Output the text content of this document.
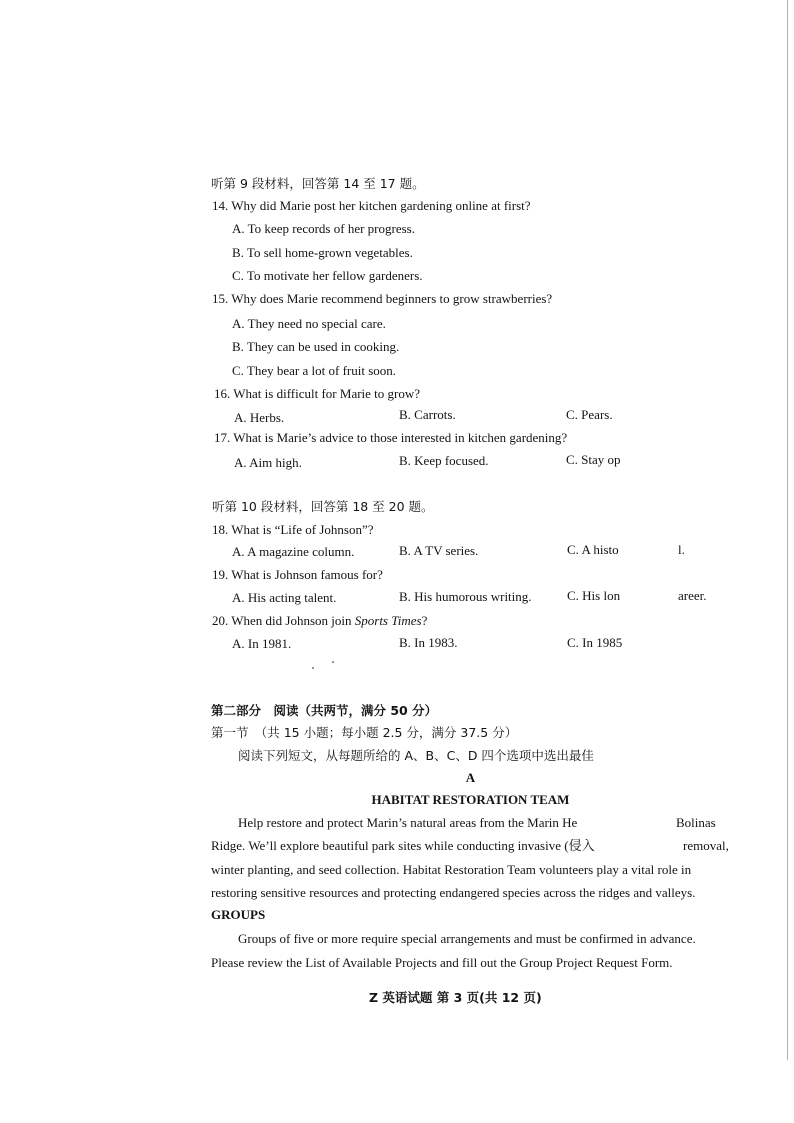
听第 9 段材料，回答第 14 至 17 题。
14. Why did Marie post her kitchen gardening online at first?
A. To keep records of her progress.
B. To sell home-grown vegetables.
C. To motivate her fellow gardeners.
15. Why does Marie recommend beginners to grow strawberries?
A. They need no special care.
B. They can be used in cooking.
C. They bear a lot of fruit soon.
16. What is difficult for Marie to grow?
A. Herbs.	B. Carrots.	C. Pears.
17. What is Marie’s advice to those interested in kitchen gardening?
A. Aim high.	B. Keep focused.	C. Stay op
听第 10 段材料，回答第 18 至 20 题。
18. What is “Life of Johnson”?
A. A magazine column.	B. A TV series.	C. A histo	l.
19. What is Johnson famous for?
A. His acting talent.	B. His humorous writing.	C. His lon	areer.
20. When did Johnson join Sports Times?
A. In 1981.	B. In 1983.	C. In 1985
第二部分　阅读（共两节，满分 50 分）
第一节　（共 15 小题；每小题 2.5 分，满分 37.5 分）
阅读下列短文，从每题所给的 A、B、C、D 四个选项中选出最佳
A
HABITAT RESTORATION TEAM
Help restore and protect Marin’s natural areas from the Marin He	Bolinas
Ridge. We’ll explore beautiful park sites while conducting invasive (侵入	removal,
winter planting, and seed collection. Habitat Restoration Team volunteers play a vital role in
restoring sensitive resources and protecting endangered species across the ridges and valleys.
GROUPS
Groups of five or more require special arrangements and must be confirmed in advance.
Please review the List of Available Projects and fill out the Group Project Request Form.
Z 英语试题 第 3 页(共 12 页)
